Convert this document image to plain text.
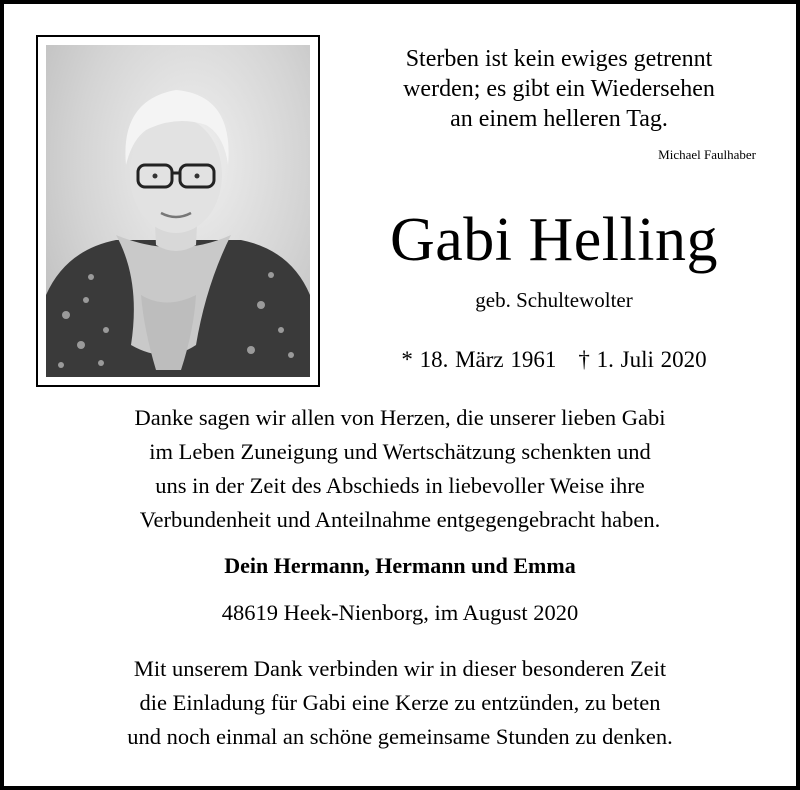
Sterben ist kein ewiges getrennt
werden; es gibt ein Wiedersehen
an einem helleren Tag.
Michael Faulhaber
Gabi Helling
geb. Schultewolter
* 18. März 1961 † 1. Juli 2020
Danke sagen wir allen von Herzen, die unserer lieben Gabi
im Leben Zuneigung und Wertschätzung schenkten und
uns in der Zeit des Abschieds in liebevoller Weise ihre
Verbundenheit und Anteilnahme entgegengebracht haben.
Dein Hermann, Hermann und Emma
48619 Heek-Nienborg, im August 2020
Mit unserem Dank verbinden wir in dieser besonderen Zeit
die Einladung für Gabi eine Kerze zu entzünden, zu beten
und noch einmal an schöne gemeinsame Stunden zu denken.
